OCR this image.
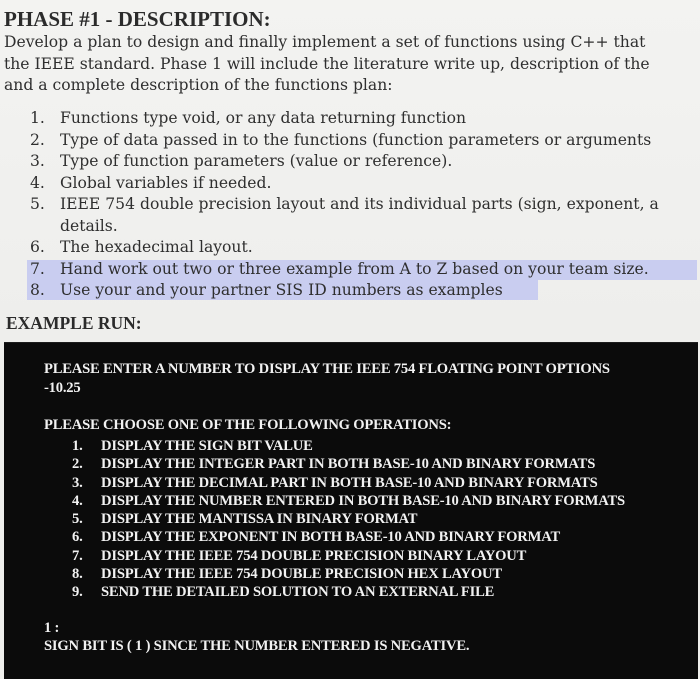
PHASE #1 - DESCRIPTION:
Develop a plan to design and finally implement a set of functions using C++ that
the IEEE standard. Phase 1 will include the literature write up, description of the
and a complete description of the functions plan:
1. Functions type void, or any data returning function
2. Type of data passed in to the functions (function parameters or arguments
3. Type of function parameters (value or reference).
4. Global variables if needed.
5. IEEE 754 double precision layout and its individual parts (sign, exponent, a
details.
6. The hexadecimal layout.
7. Hand work out two or three example from A to Z based on your team size.
8. Use your and your partner SIS ID numbers as examples
EXAMPLE RUN:
PLEASE ENTER A NUMBER TO DISPLAY THE IEEE 754 FLOATING POINT OPTIONS
-10.25
PLEASE CHOOSE ONE OF THE FOLLOWING OPERATIONS:
1. DISPLAY THE SIGN BIT VALUE
2. DISPLAY THE INTEGER PART IN BOTH BASE-10 AND BINARY FORMATS
3. DISPLAY THE DECIMAL PART IN BOTH BASE-10 AND BINARY FORMATS
4. DISPLAY THE NUMBER ENTERED IN BOTH BASE-10 AND BINARY FORMATS
5. DISPLAY THE MANTISSA IN BINARY FORMAT
6. DISPLAY THE EXPONENT IN BOTH BASE-10 AND BINARY FORMAT
7. DISPLAY THE IEEE 754 DOUBLE PRECISION BINARY LAYOUT
8. DISPLAY THE IEEE 754 DOUBLE PRECISION HEX LAYOUT
9. SEND THE DETAILED SOLUTION TO AN EXTERNAL FILE
1 :
SIGN BIT IS ( 1 ) SINCE THE NUMBER ENTERED IS NEGATIVE.
